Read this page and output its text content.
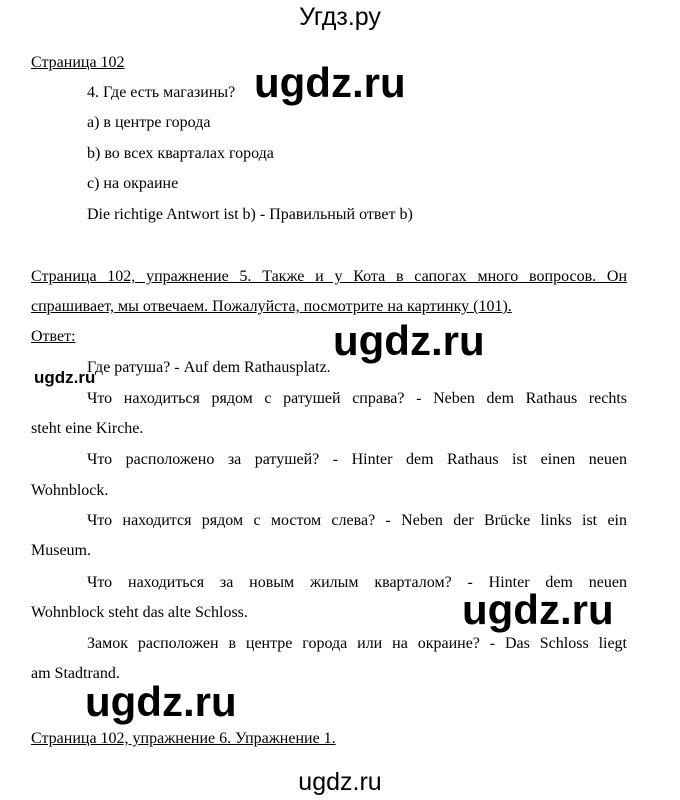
Угдз.ру
Страница 102
4. Где есть магазины?
a) в центре города
b) во всех кварталах города
c) на окраине
Die richtige Antwort ist b) - Правильный ответ b)
Страница 102, упражнение 5. Также и у Кота в сапогах много вопросов. Он
спрашивает, мы отвечаем. Пожалуйста, посмотрите на картинку (101).
Ответ:
Где ратуша? - Auf dem Rathausplatz.
Что находиться рядом с ратушей справа? - Neben dem Rathaus rechts
steht eine Kirche.
Что расположено за ратушей? - Hinter dem Rathaus ist einen neuen
Wohnblock.
Что находится рядом с мостом слева? - Neben der Brücke links ist ein
Museum.
Что находиться за новым жилым кварталом? - Hinter dem neuen
Wohnblock steht das alte Schloss.
Замок расположен в центре города или на окраине? - Das Schloss liegt
am Stadtrand.
Страница 102, упражнение 6. Упражнение 1.
ugdz.ru
ugdz.ru
ugdz.ru
ugdz.ru
ugdz.ru
ugdz.ru
